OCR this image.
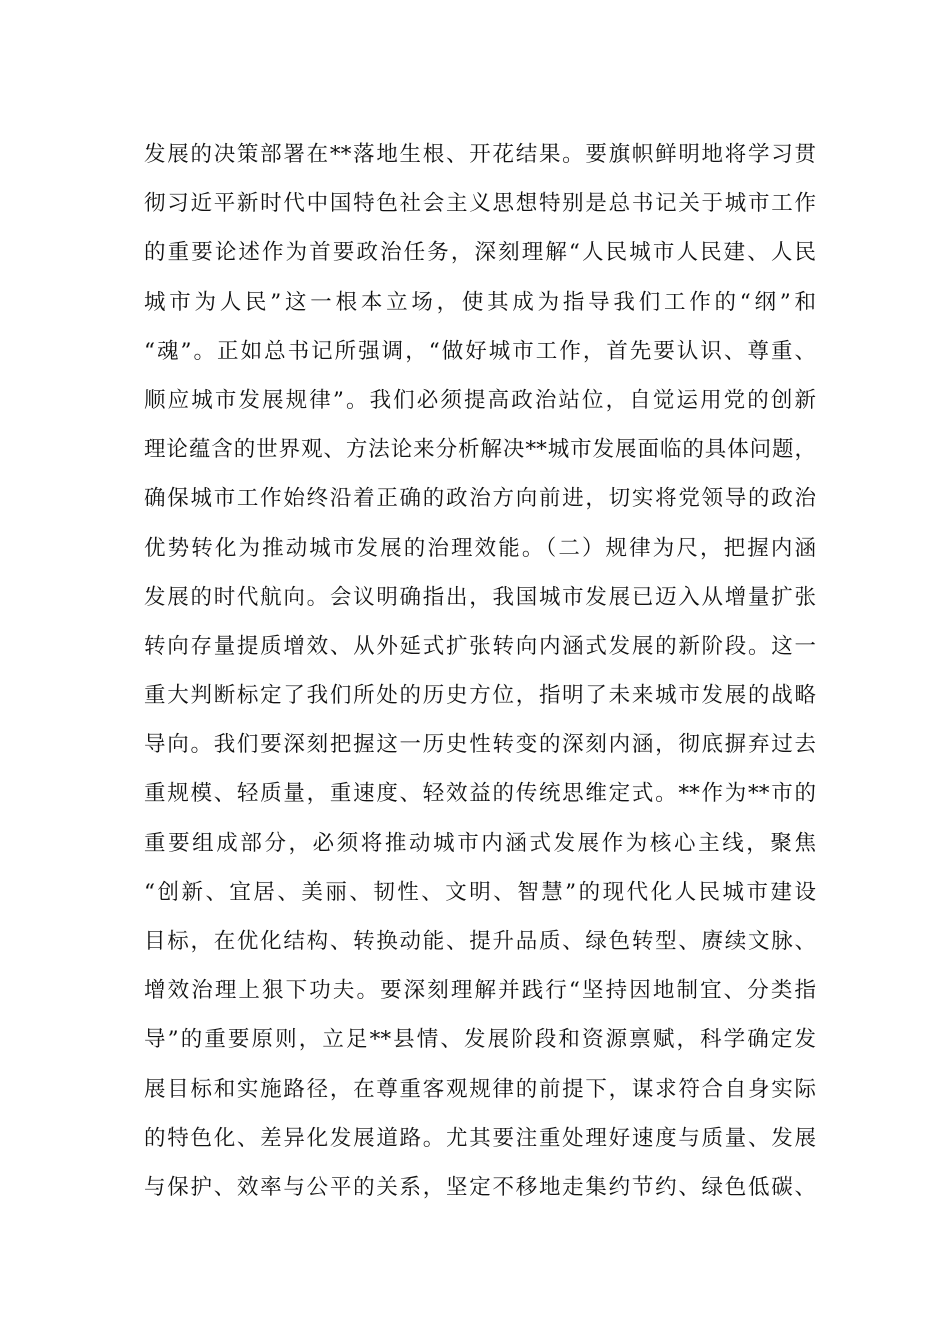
发展的决策部署在**落地生根、开花结果。要旗帜鲜明地将学习贯
彻习近平新时代中国特色社会主义思想特别是总书记关于城市工作
的重要论述作为首要政治任务，深刻理解“人民城市人民建、人民
城市为人民”这一根本立场，使其成为指导我们工作的“纲”和
“魂”。正如总书记所强调，“做好城市工作，首先要认识、尊重、
顺应城市发展规律”。我们必须提高政治站位，自觉运用党的创新
理论蕴含的世界观、方法论来分析解决**城市发展面临的具体问题，
确保城市工作始终沿着正确的政治方向前进，切实将党领导的政治
优势转化为推动城市发展的治理效能。（二）规律为尺，把握内涵
发展的时代航向。会议明确指出，我国城市发展已迈入从增量扩张
转向存量提质增效、从外延式扩张转向内涵式发展的新阶段。这一
重大判断标定了我们所处的历史方位，指明了未来城市发展的战略
导向。我们要深刻把握这一历史性转变的深刻内涵，彻底摒弃过去
重规模、轻质量，重速度、轻效益的传统思维定式。**作为**市的
重要组成部分，必须将推动城市内涵式发展作为核心主线，聚焦
“创新、宜居、美丽、韧性、文明、智慧”的现代化人民城市建设
目标，在优化结构、转换动能、提升品质、绿色转型、赓续文脉、
增效治理上狠下功夫。要深刻理解并践行“坚持因地制宜、分类指
导”的重要原则，立足**县情、发展阶段和资源禀赋，科学确定发
展目标和实施路径，在尊重客观规律的前提下，谋求符合自身实际
的特色化、差异化发展道路。尤其要注重处理好速度与质量、发展
与保护、效率与公平的关系，坚定不移地走集约节约、绿色低碳、
